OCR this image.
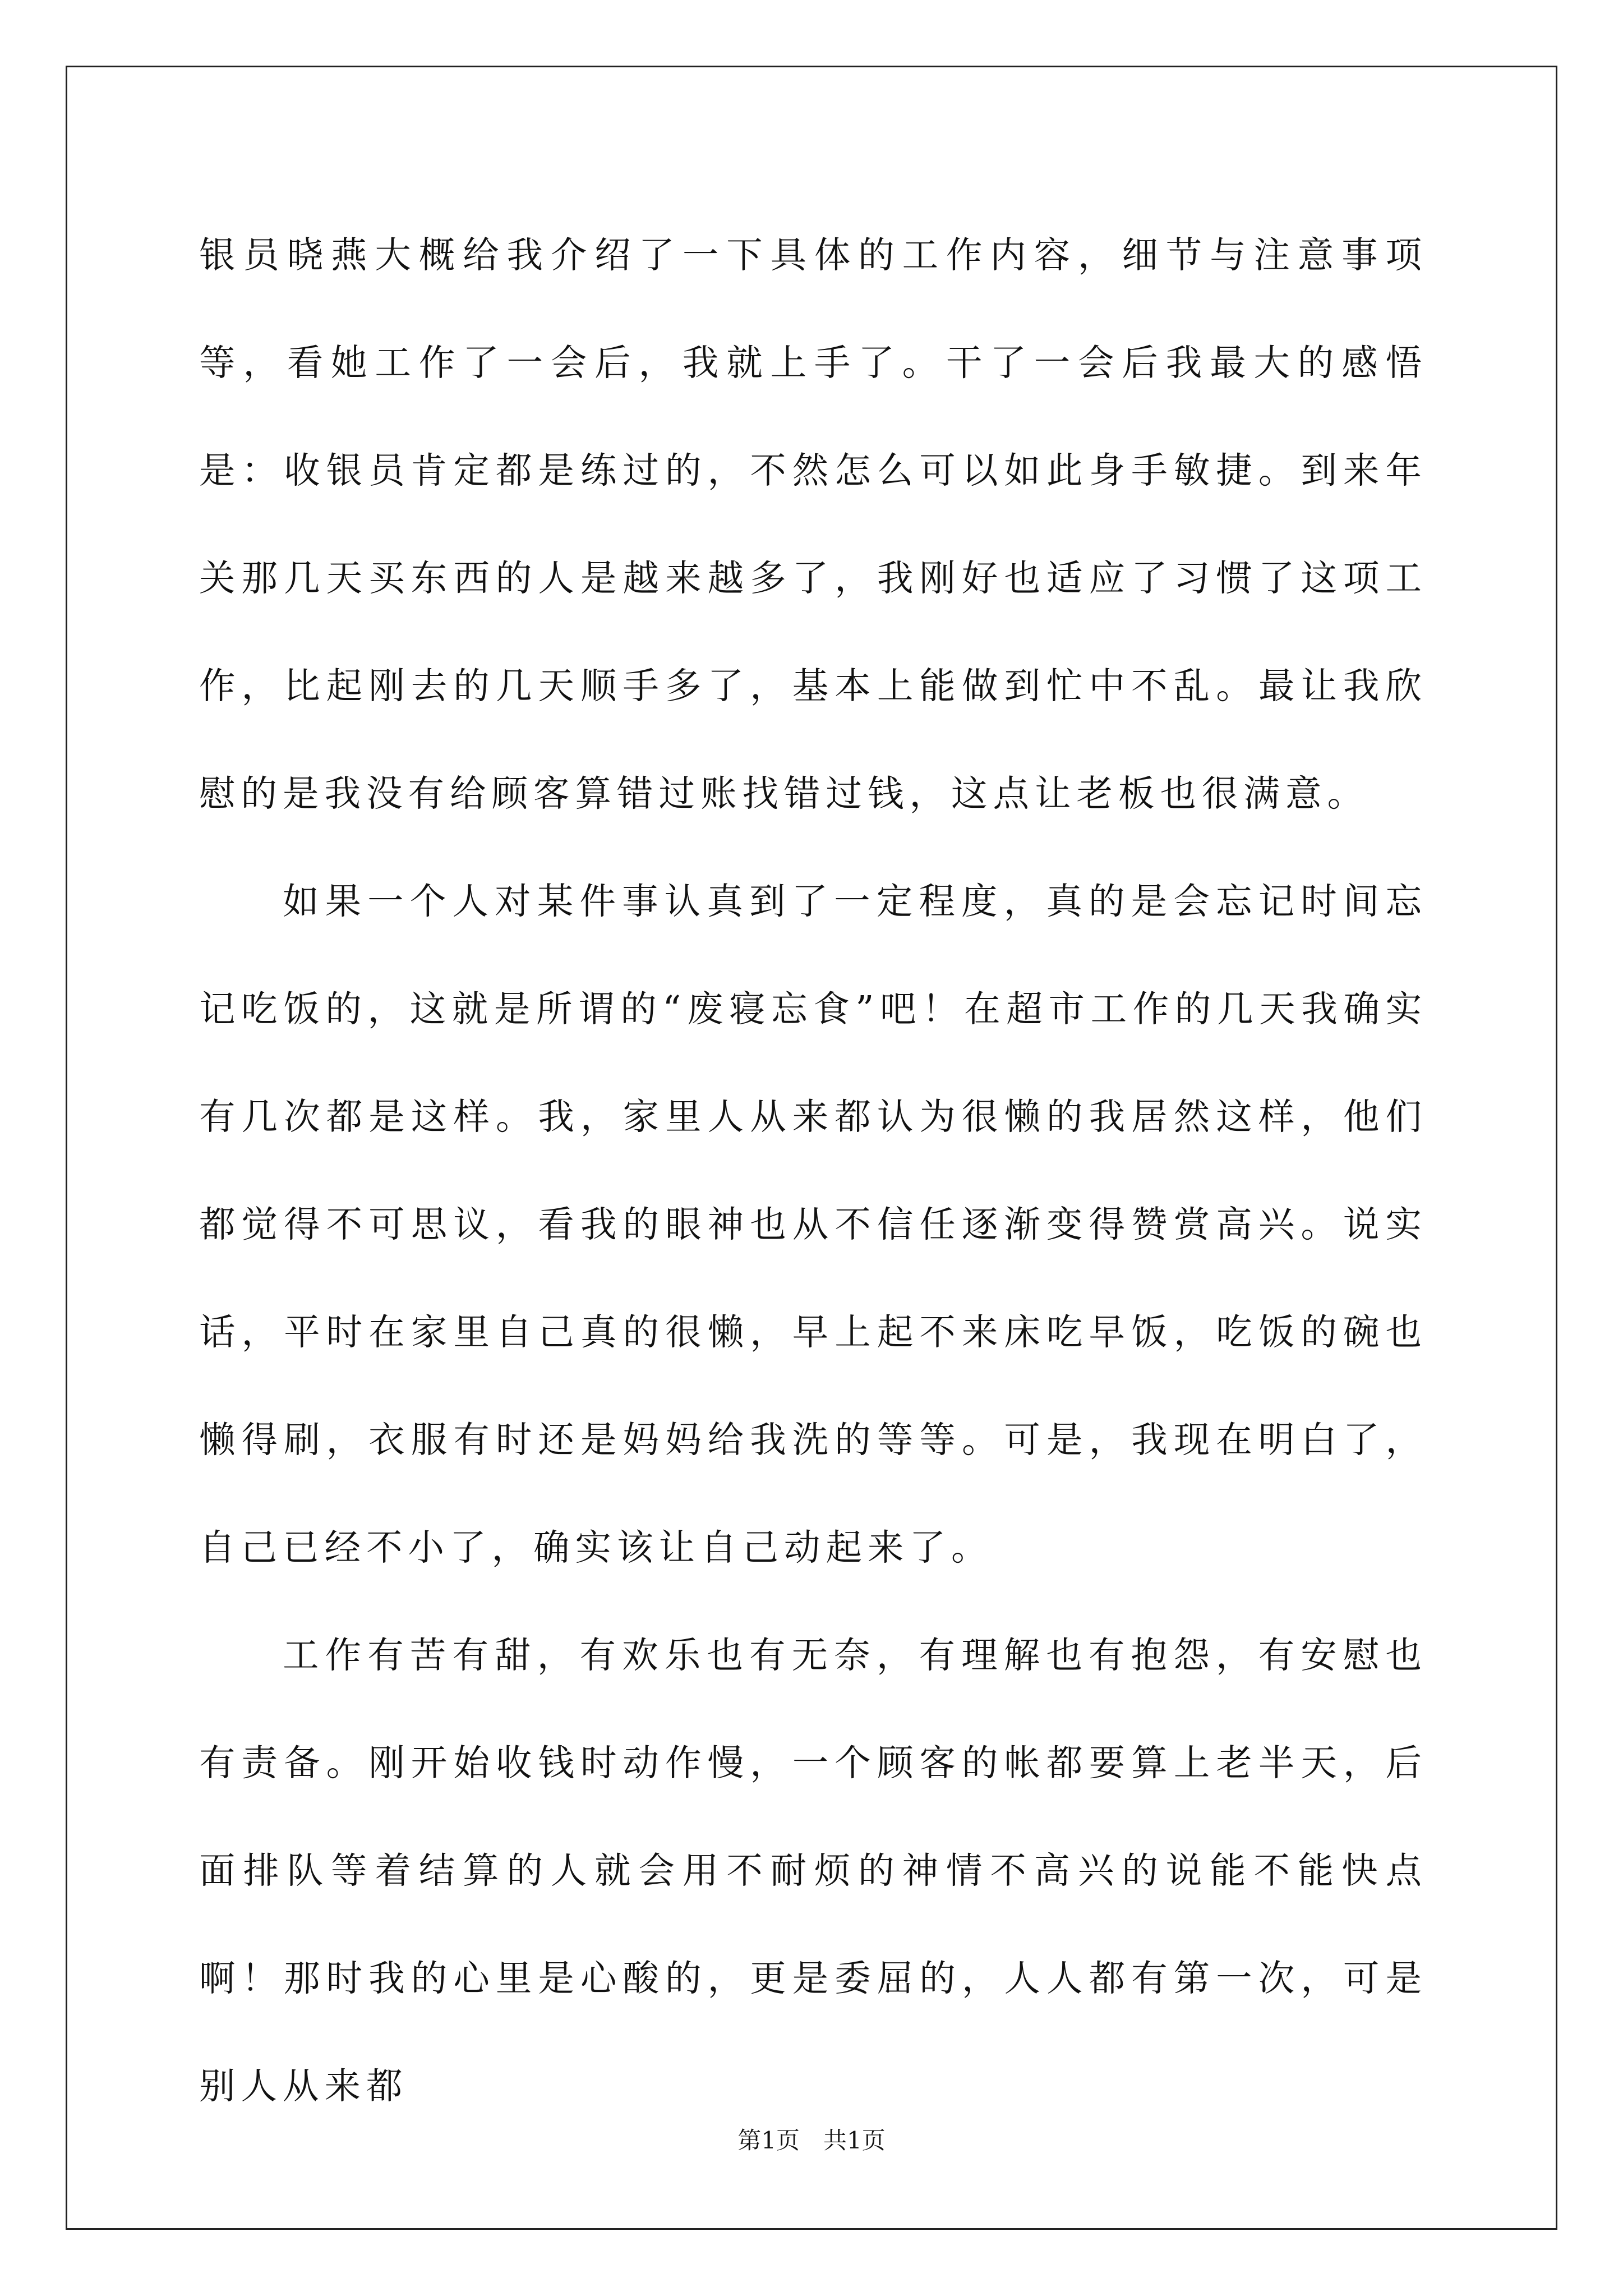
银员晓燕大概给我介绍了一下具体的工作内容，细节与注意事项等，看她工作了一会后，我就上手了。干了一会后我最大的感悟是：收银员肯定都是练过的，不然怎么可以如此身手敏捷。到来年关那几天买东西的人是越来越多了，我刚好也适应了习惯了这项工作，比起刚去的几天顺手多了，基本上能做到忙中不乱。最让我欣慰的是我没有给顾客算错过账找错过钱，这点让老板也很满意。

如果一个人对某件事认真到了一定程度，真的是会忘记时间忘记吃饭的，这就是所谓的“废寝忘食”吧！在超市工作的几天我确实有几次都是这样。我，家里人从来都认为很懒的我居然这样，他们都觉得不可思议，看我的眼神也从不信任逐渐变得赞赏高兴。说实话，平时在家里自己真的很懒，早上起不来床吃早饭，吃饭的碗也懒得刷，衣服有时还是妈妈给我洗的等等。可是，我现在明白了，自己已经不小了，确实该让自己动起来了。

工作有苦有甜，有欢乐也有无奈，有理解也有抱怨，有安慰也有责备。刚开始收钱时动作慢，一个顾客的帐都要算上老半天，后面排队等着结算的人就会用不耐烦的神情不高兴的说能不能快点啊！那时我的心里是心酸的，更是委屈的，人人都有第一次，可是别人从来都

第1页　共1页
